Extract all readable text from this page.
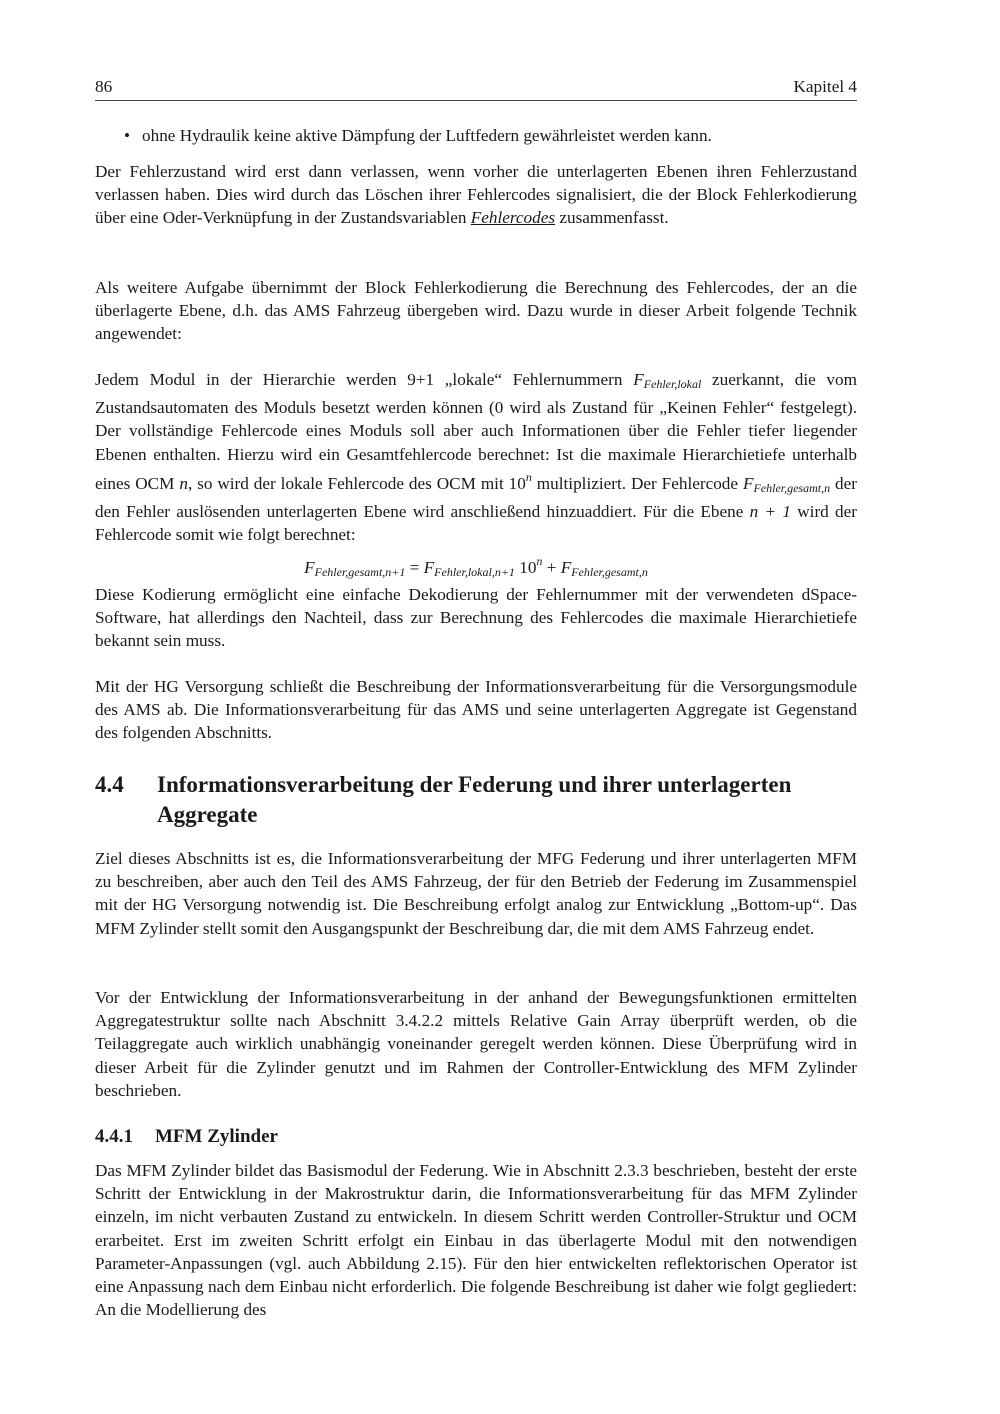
86	Kapitel 4
• ohne Hydraulik keine aktive Dämpfung der Luftfedern gewährleistet werden kann.

Der Fehlerzustand wird erst dann verlassen, wenn vorher die unterlagerten Ebenen ihren Fehlerzustand verlassen haben. Dies wird durch das Löschen ihrer Fehlercodes signalisiert, die der Block Fehlerkodierung über eine Oder-Verknüpfung in der Zustandsvariablen Fehlercodes zusammenfasst.

Als weitere Aufgabe übernimmt der Block Fehlerkodierung die Berechnung des Fehlercodes, der an die überlagerte Ebene, d.h. das AMS Fahrzeug übergeben wird. Dazu wurde in dieser Arbeit folgende Technik angewendet:

Jedem Modul in der Hierarchie werden 9+1 „lokale“ Fehlernummern $F_{Fehler,lokal}$ zuerkannt, die vom Zustandsautomaten des Moduls besetzt werden können (0 wird als Zustand für „Keinen Fehler“ festgelegt). Der vollständige Fehlercode eines Moduls soll aber auch Informationen über die Fehler tiefer liegender Ebenen enthalten. Hierzu wird ein Gesamtfehlercode berechnet: Ist die maximale Hierarchietiefe unterhalb eines OCM n, so wird der lokale Fehlercode des OCM mit 10$^n$ multipliziert. Der Fehlercode $F_{Fehler,gesamt,n}$ der den Fehler auslösenden unterlagerten Ebene wird anschließend hinzuaddiert. Für die Ebene n + 1 wird der Fehlercode somit wie folgt berechnet:

$F_{Fehler,gesamt,n+1} = F_{Fehler,lokal,n+1}$ $10^n + F_{Fehler,gesamt,n}$

Diese Kodierung ermöglicht eine einfache Dekodierung der Fehlernummer mit der verwendeten dSpace-Software, hat allerdings den Nachteil, dass zur Berechnung des Fehlercodes die maximale Hierarchietiefe bekannt sein muss.

Mit der HG Versorgung schließt die Beschreibung der Informationsverarbeitung für die Versorgungsmodule des AMS ab. Die Informationsverarbeitung für das AMS und seine unterlagerten Aggregate ist Gegenstand des folgenden Abschnitts.

4.4	Informationsverarbeitung der Federung und ihrer unterlagerten Aggregate

Ziel dieses Abschnitts ist es, die Informationsverarbeitung der MFG Federung und ihrer unterlagerten MFM zu beschreiben, aber auch den Teil des AMS Fahrzeug, der für den Betrieb der Federung im Zusammenspiel mit der HG Versorgung notwendig ist. Die Beschreibung erfolgt analog zur Entwicklung „Bottom-up“. Das MFM Zylinder stellt somit den Ausgangspunkt der Beschreibung dar, die mit dem AMS Fahrzeug endet.

Vor der Entwicklung der Informationsverarbeitung in der anhand der Bewegungsfunktionen ermittelten Aggregatestruktur sollte nach Abschnitt 3.4.2.2 mittels Relative Gain Array überprüft werden, ob die Teilaggregate auch wirklich unabhängig voneinander geregelt werden können. Diese Überprüfung wird in dieser Arbeit für die Zylinder genutzt und im Rahmen der Controller-Entwicklung des MFM Zylinder beschrieben.

4.4.1 MFM Zylinder

Das MFM Zylinder bildet das Basismodul der Federung. Wie in Abschnitt 2.3.3 beschrieben, besteht der erste Schritt der Entwicklung in der Makrostruktur darin, die Informationsverarbeitung für das MFM Zylinder einzeln, im nicht verbauten Zustand zu entwickeln. In diesem Schritt werden Controller-Struktur und OCM erarbeitet. Erst im zweiten Schritt erfolgt ein Einbau in das überlagerte Modul mit den notwendigen Parameter-Anpassungen (vgl. auch Abbildung 2.15). Für den hier entwickelten reflektorischen Operator ist eine Anpassung nach dem Einbau nicht erforderlich. Die folgende Beschreibung ist daher wie folgt gegliedert: An die Modellierung des
